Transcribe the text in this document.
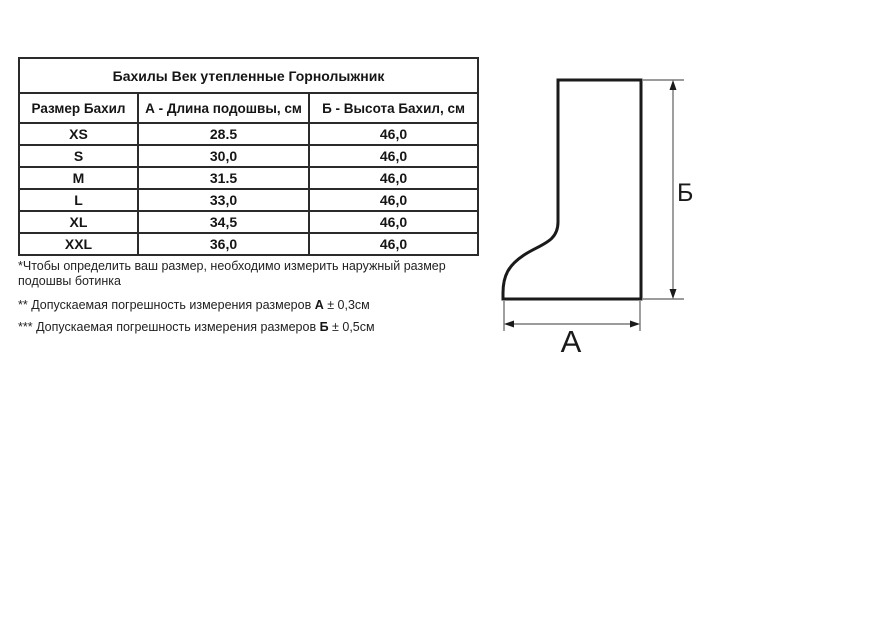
Бахилы Век утепленные Горнолыжник		
Размер Бахил	А - Длина подошвы, см	Б - Высота Бахил, см
XS	28.5	46,0
S	30,0	46,0
M	31.5	46,0
L	33,0	46,0
XL	34,5	46,0
XXL	36,0	46,0
*Чтобы определить ваш размер, необходимо измерить наружный размер подошвы ботинка
** Допускаемая погрешность измерения размеров А ± 0,3см
*** Допускаемая погрешность измерения размеров Б ± 0,5см
Б
А
